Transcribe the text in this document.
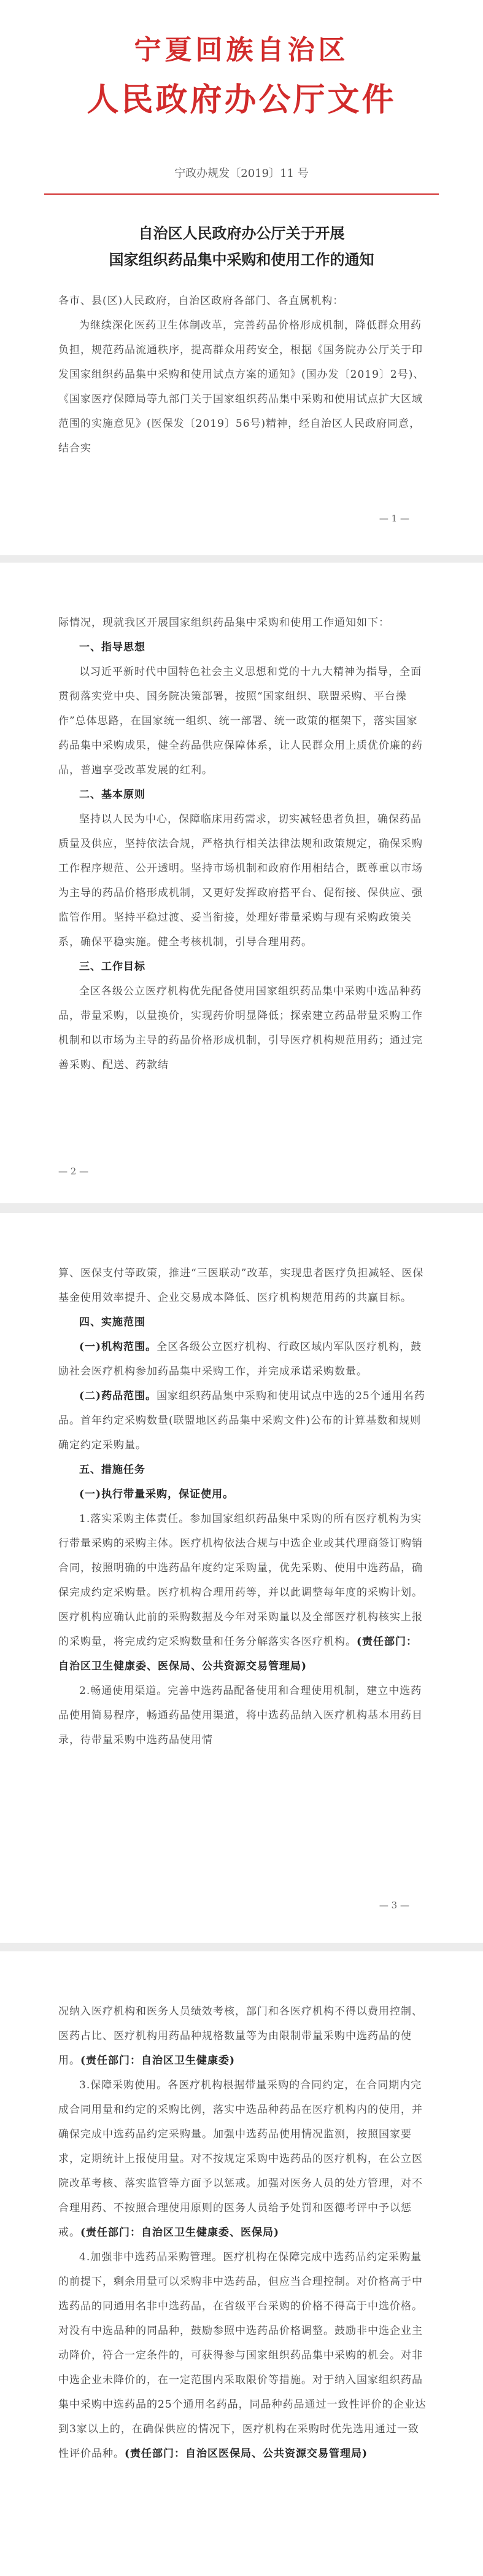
宁夏回族自治区
人民政府办公厅文件
宁政办规发〔2019〕11 号
自治区人民政府办公厅关于开展
国家组织药品集中采购和使用工作的通知

各市、县(区)人民政府，自治区政府各部门、各直属机构：

为继续深化医药卫生体制改革，完善药品价格形成机制，降低群众用药负担，规范药品流通秩序，提高群众用药安全，根据《国务院办公厅关于印发国家组织药品集中采购和使用试点方案的通知》(国办发〔2019〕2号)、《国家医疗保障局等九部门关于国家组织药品集中采购和使用试点扩大区域范围的实施意见》(医保发〔2019〕56号)精神，经自治区人民政府同意，结合实

— 1 —

际情况，现就我区开展国家组织药品集中采购和使用工作通知如下：

一、指导思想

以习近平新时代中国特色社会主义思想和党的十九大精神为指导，全面贯彻落实党中央、国务院决策部署，按照“国家组织、联盟采购、平台操作”总体思路，在国家统一组织、统一部署、统一政策的框架下，落实国家药品集中采购成果，健全药品供应保障体系，让人民群众用上质优价廉的药品，普遍享受改革发展的红利。

二、基本原则

坚持以人民为中心，保障临床用药需求，切实减轻患者负担，确保药品质量及供应，坚持依法合规，严格执行相关法律法规和政策规定，确保采购工作程序规范、公开透明。坚持市场机制和政府作用相结合，既尊重以市场为主导的药品价格形成机制，又更好发挥政府搭平台、促衔接、保供应、强监管作用。坚持平稳过渡、妥当衔接，处理好带量采购与现有采购政策关系，确保平稳实施。健全考核机制，引导合理用药。

三、工作目标

全区各级公立医疗机构优先配备使用国家组织药品集中采购中选品种药品，带量采购，以量换价，实现药价明显降低；探索建立药品带量采购工作机制和以市场为主导的药品价格形成机制，引导医疗机构规范用药；通过完善采购、配送、药款结

— 2 —

算、医保支付等政策，推进“三医联动”改革，实现患者医疗负担减轻、医保基金使用效率提升、企业交易成本降低、医疗机构规范用药的共赢目标。

四、实施范围

(一)机构范围。全区各级公立医疗机构、行政区域内军队医疗机构，鼓励社会医疗机构参加药品集中采购工作，并完成承诺采购数量。

(二)药品范围。国家组织药品集中采购和使用试点中选的25个通用名药品。首年约定采购数量(联盟地区药品集中采购文件)公布的计算基数和规则确定约定采购量。

五、措施任务

(一)执行带量采购，保证使用。

1.落实采购主体责任。参加国家组织药品集中采购的所有医疗机构为实行带量采购的采购主体。医疗机构依法合规与中选企业或其代理商签订购销合同，按照明确的中选药品年度约定采购量，优先采购、使用中选药品，确保完成约定采购量。医疗机构合理用药等，并以此调整每年度的采购计划。医疗机构应确认此前的采购数据及今年对采购量以及全部医疗机构核实上报的采购量，将完成约定采购数量和任务分解落实各医疗机构。(责任部门：自治区卫生健康委、医保局、公共资源交易管理局)

2.畅通使用渠道。完善中选药品配备使用和合理使用机制，建立中选药品使用简易程序，畅通药品使用渠道，将中选药品纳入医疗机构基本用药目录，待带量采购中选药品使用情

— 3 —

况纳入医疗机构和医务人员绩效考核，部门和各医疗机构不得以费用控制、医药占比、医疗机构用药品种规格数量等为由限制带量采购中选药品的使用。(责任部门：自治区卫生健康委)

3.保障采购使用。各医疗机构根据带量采购的合同约定，在合同期内完成合同用量和约定的采购比例，落实中选品种药品在医疗机构内的使用，并确保完成中选药品约定采购量。加强中选药品使用情况监测，按照国家要求，定期统计上报使用量。对不按规定采购中选药品的医疗机构，在公立医院改革考核、落实监管等方面予以惩戒。加强对医务人员的处方管理，对不合理用药、不按照合理使用原则的医务人员给予处罚和医德考评中予以惩戒。(责任部门：自治区卫生健康委、医保局)

4.加强非中选药品采购管理。医疗机构在保障完成中选药品约定采购量的前提下，剩余用量可以采购非中选药品，但应当合理控制。对价格高于中选药品的同通用名非中选药品，在省级平台采购的价格不得高于中选价格。对没有中选品种的同品种，鼓励参照中选药品价格调整。鼓励非中选企业主动降价，符合一定条件的，可获得参与国家组织药品集中采购的机会。对非中选企业未降价的，在一定范围内采取限价等措施。对于纳入国家组织药品集中采购中选药品的25个通用名药品，同品种药品通过一致性评价的企业达到3家以上的，在确保供应的情况下，医疗机构在采购时优先选用通过一致性评价品种。(责任部门：自治区医保局、公共资源交易管理局)
